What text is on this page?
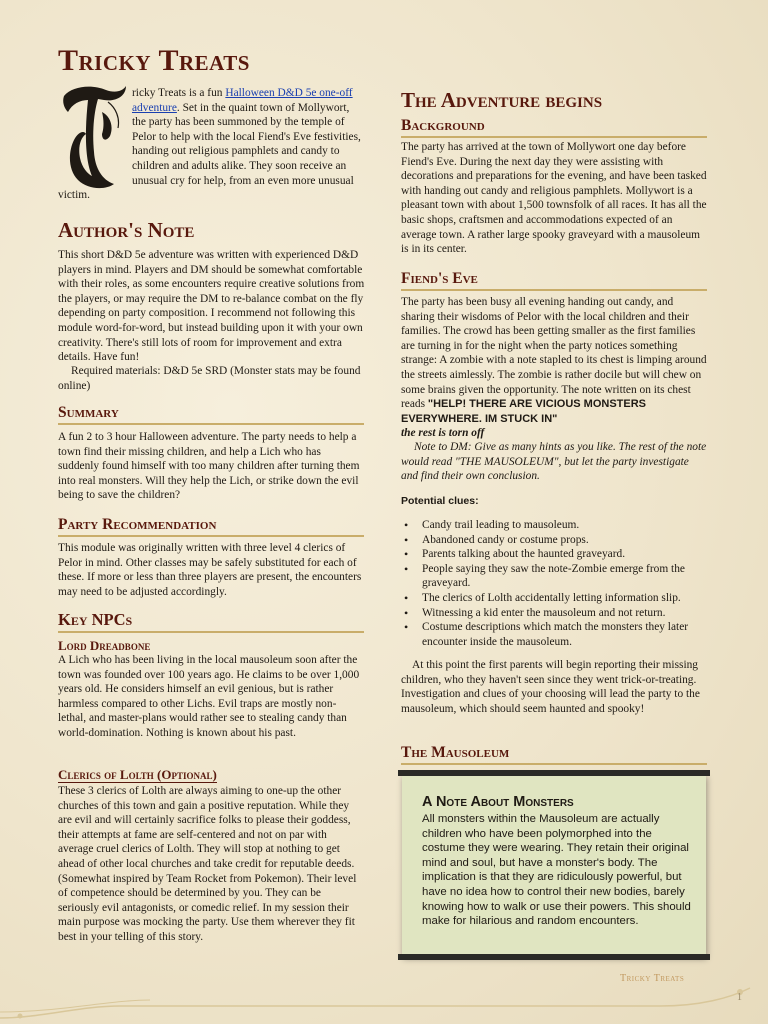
Tricky Treats
ricky Treats is a fun Halloween D&D 5e one-off adventure. Set in the quaint town of Mollywort, the party has been summoned by the temple of Pelor to help with the local Fiend's Eve festivities, handing out religious pamphlets and candy to children and adults alike. They soon receive an unusual cry for help, from an even more unusual victim.
Author's Note

This short D&D 5e adventure was written with experienced D&D players in mind. Players and DM should be somewhat comfortable with their roles, as some encounters require creative solutions from the players, or may require the DM to re-balance combat on the fly depending on party composition. I recommend not following this module word-for-word, but instead building upon it with your own creativity. There's still lots of room for improvement and extra details. Have fun!

Required materials: D&D 5e SRD (Monster stats may be found online)

Summary

A fun 2 to 3 hour Halloween adventure. The party needs to help a town find their missing children, and help a Lich who has suddenly found himself with too many children after turning them into real monsters. Will they help the Lich, or strike down the evil being to save the children?

Party Recommendation

This module was originally written with three level 4 clerics of Pelor in mind. Other classes may be safely substituted for each of these. If more or less than three players are present, the encounters may need to be adjusted accordingly.

Key NPCs
Lord Dreadbone

A Lich who has been living in the local mausoleum soon after the town was founded over 100 years ago. He claims to be over 1,000 years old. He considers himself an evil genious, but is rather harmless compared to other Lichs. Evil traps are mostly non-lethal, and master-plans would rather see to stealing candy than world-domination. Nothing is known about his past.

Clerics of Lolth (Optional)

These 3 clerics of Lolth are always aiming to one-up the other churches of this town and gain a positive reputation. While they are evil and will certainly sacrifice folks to please their goddess, their attempts at fame are self-centered and not on par with average cruel clerics of Lolth. They will stop at nothing to get ahead of other local churches and take credit for reputable deeds. (Somewhat inspired by Team Rocket from Pokemon). Their level of competence should be determined by you. They can be seriously evil antagonists, or comedic relief. In my session their main purpose was mocking the party. Use them wherever they fit best in your telling of this story.

The Adventure begins
Background

The party has arrived at the town of Mollywort one day before Fiend's Eve. During the next day they were assisting with decorations and preparations for the evening, and have been tasked with handing out candy and religious pamphlets. Mollywort is a pleasant town with about 1,500 townsfolk of all races. It has all the basic shops, craftsmen and accommodations expected of an average town. A rather large spooky graveyard with a mausoleum is in its center.

Fiend's Eve

The party has been busy all evening handing out candy, and sharing their wisdoms of Pelor with the local children and their families. The crowd has been getting smaller as the first families are turning in for the night when the party notices something strange: A zombie with a note stapled to its chest is limping around the streets aimlessly. The zombie is rather docile but will chew on some brains given the opportunity. The note written on its chest reads "HELP! THERE ARE VICIOUS MONSTERS EVERYWHERE. IM STUCK IN"
the rest is torn off

Note to DM: Give as many hints as you like. The rest of the note would read "THE MAUSOLEUM", but let the party investigate and find their own conclusion.

Potential clues:

• Candy trail leading to mausoleum.
• Abandoned candy or costume props.
• Parents talking about the haunted graveyard.
• People saying they saw the note-Zombie emerge from the graveyard.
• The clerics of Lolth accidentally letting information slip.
• Witnessing a kid enter the mausoleum and not return.
• Costume descriptions which match the monsters they later encounter inside the mausoleum.

At this point the first parents will begin reporting their missing children, who they haven't seen since they went trick-or-treating. Investigation and clues of your choosing will lead the party to the mausoleum, which should seem haunted and spooky!

The Mausoleum
A Note About Monsters

All monsters within the Mausoleum are actually children who have been polymorphed into the costume they were wearing. They retain their original mind and soul, but have a monster's body. The implication is that they are ridiculously powerful, but have no idea how to control their new bodies, barely knowing how to walk or use their powers. This should make for hilarious and random encounters.

Tricky Treats
1
